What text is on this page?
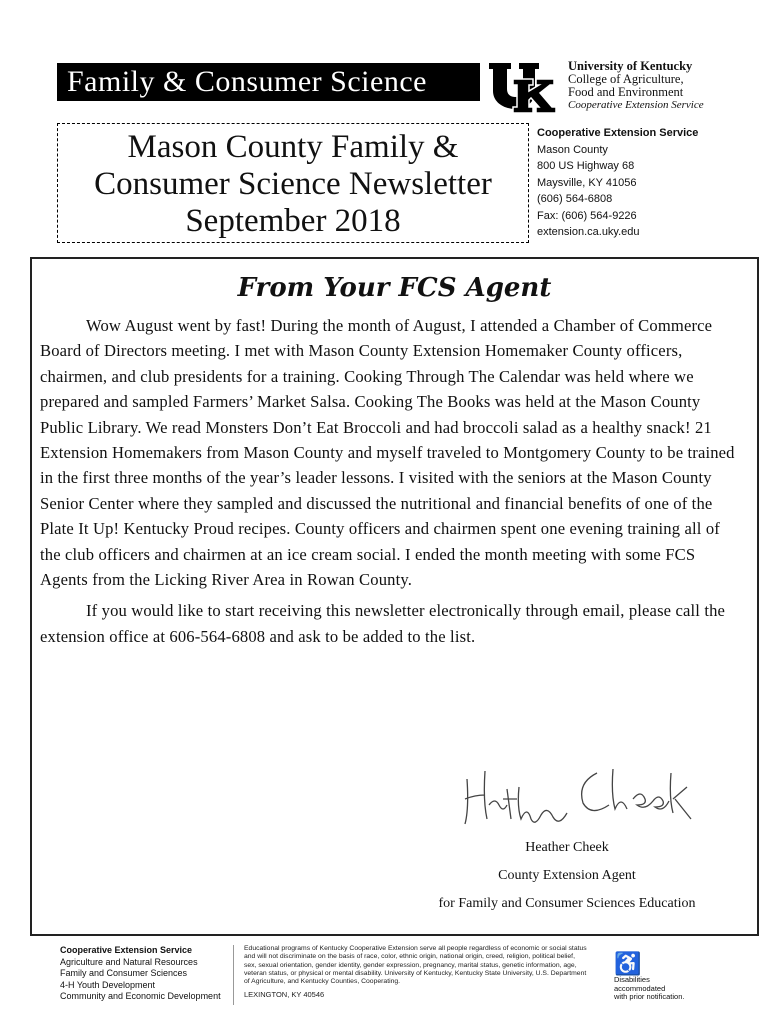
Family & Consumer Science	University of Kentucky
College of Agriculture,
Food and Environment
Cooperative Extension Service
Mason County Family &
Consumer Science Newsletter
September 2018
Cooperative Extension Service
Mason County
800 US Highway 68
Maysville, KY 41056
(606) 564-6808
Fax: (606) 564-9226
extension.ca.uky.edu
From Your FCS Agent

Wow August went by fast! During the month of August, I attended a Chamber of Commerce Board of Directors meeting. I met with Mason County Extension Homemaker County officers, chairmen, and club presidents for a training. Cooking Through The Calendar was held where we prepared and sampled Farmers’ Market Salsa. Cooking The Books was held at the Mason County Public Library. We read Monsters Don’t Eat Broccoli and had broccoli salad as a healthy snack! 21 Extension Homemakers from Mason County and myself traveled to Montgomery County to be trained in the first three months of the year’s leader lessons. I visited with the seniors at the Mason County Senior Center where they sampled and discussed the nutritional and financial benefits of one of the Plate It Up! Kentucky Proud recipes. County officers and chairmen spent one evening training all of the club officers and chairmen at an ice cream social. I ended the month meeting with some FCS Agents from the Licking River Area in Rowan County.

If you would like to start receiving this newsletter electronically through email, please call the extension office at 606-564-6808 and ask to be added to the list.

Heather Cheek
County Extension Agent
for Family and Consumer Sciences Education
Cooperative Extension Service
Agriculture and Natural Resources
Family and Consumer Sciences
4-H Youth Development
Community and Economic Development
Educational programs of Kentucky Cooperative Extension serve all people regardless of economic or social status and will not discriminate on the basis of race, color, ethnic origin, national origin, creed, religion, political belief, sex, sexual orientation, gender identity, gender expression, pregnancy, marital status, genetic information, age, veteran status, or physical or mental disability. University of Kentucky, Kentucky State University, U.S. Department of Agriculture, and Kentucky Counties, Cooperating.
LEXINGTON, KY 40546
♿
Disabilities
accommodated
with prior notification.
